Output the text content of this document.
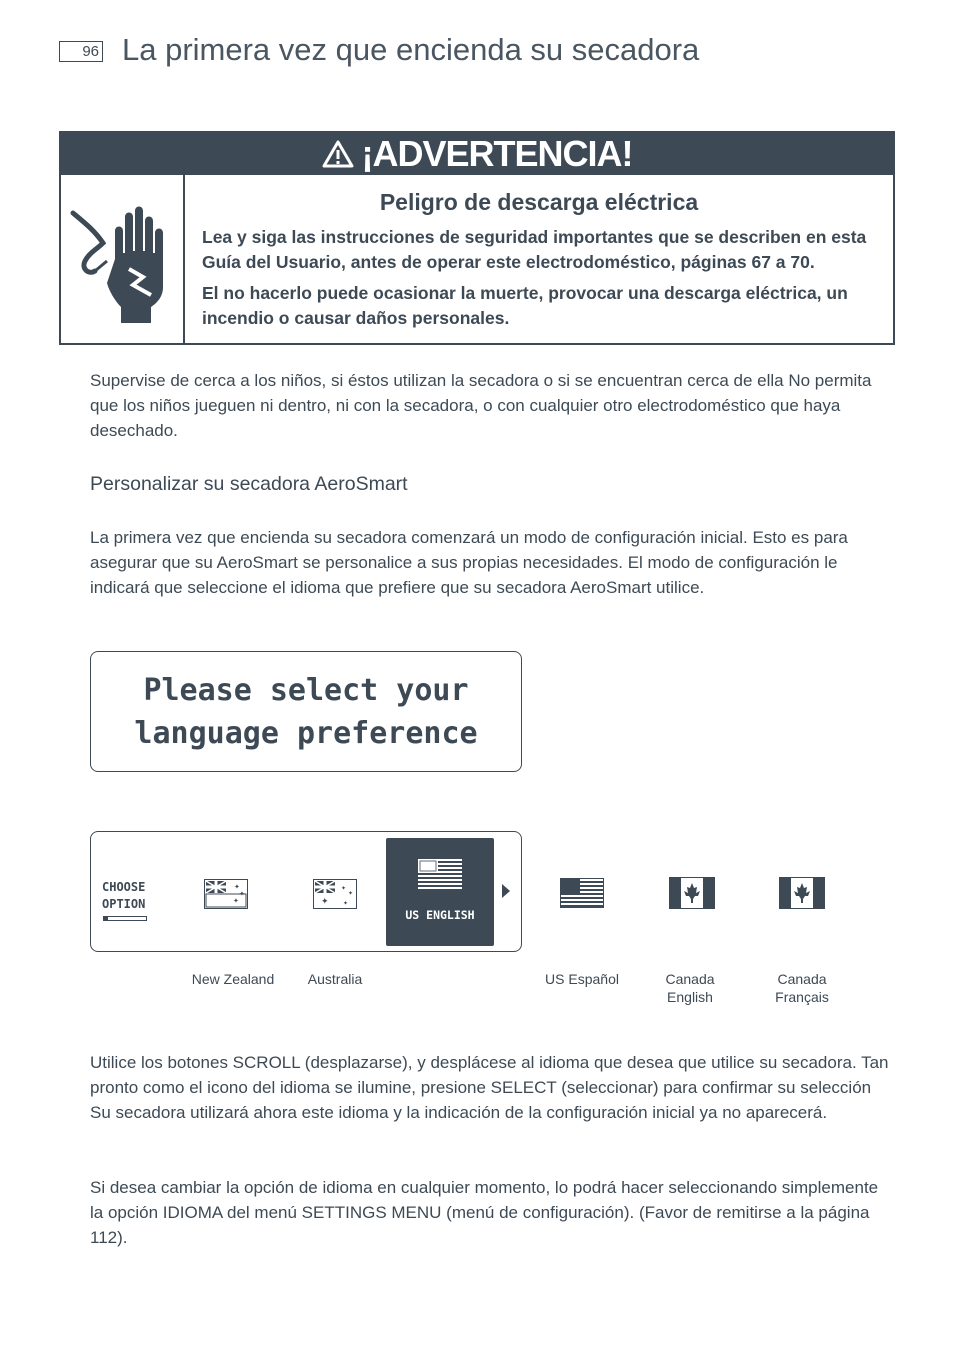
96 La primera vez que encienda su secadora
¡ADVERTENCIA!
Peligro de descarga eléctrica
Lea y siga las instrucciones de seguridad importantes que se describen en esta Guía del Usuario, antes de operar este electrodoméstico, páginas 67 a 70.
El no hacerlo puede ocasionar la muerte, provocar una descarga eléctrica, un incendio o causar daños personales.
Supervise de cerca a los niños, si éstos utilizan la secadora o si se encuentran cerca de ella No permita que los niños jueguen ni dentro, ni con la secadora, o con cualquier otro electrodoméstico que haya desechado.
Personalizar su secadora AeroSmart
La primera vez que encienda su secadora comenzará un modo de configuración inicial. Esto es para asegurar que su AeroSmart se personalice a sus propias necesidades. El modo de configuración le indicará que seleccione el idioma que prefiere que su secadora AeroSmart utilice.
Please select your
language preference
CHOOSE
OPTION
✦
✦
✦	✦
✦
✦
✦
US ENGLISH
New Zealand	Australia	US Español	Canada
English
Canada
Français
Utilice los botones SCROLL (desplazarse), y desplácese al idioma que desea que utilice su secadora. Tan pronto como el icono del idioma se ilumine, presione SELECT (seleccionar) para confirmar su selección Su secadora utilizará ahora este idioma y la indicación de la configuración inicial ya no aparecerá.
Si desea cambiar la opción de idioma en cualquier momento, lo podrá hacer seleccionando simplemente la opción IDIOMA del menú SETTINGS MENU (menú de configuración). (Favor de remitirse a la página 112).
